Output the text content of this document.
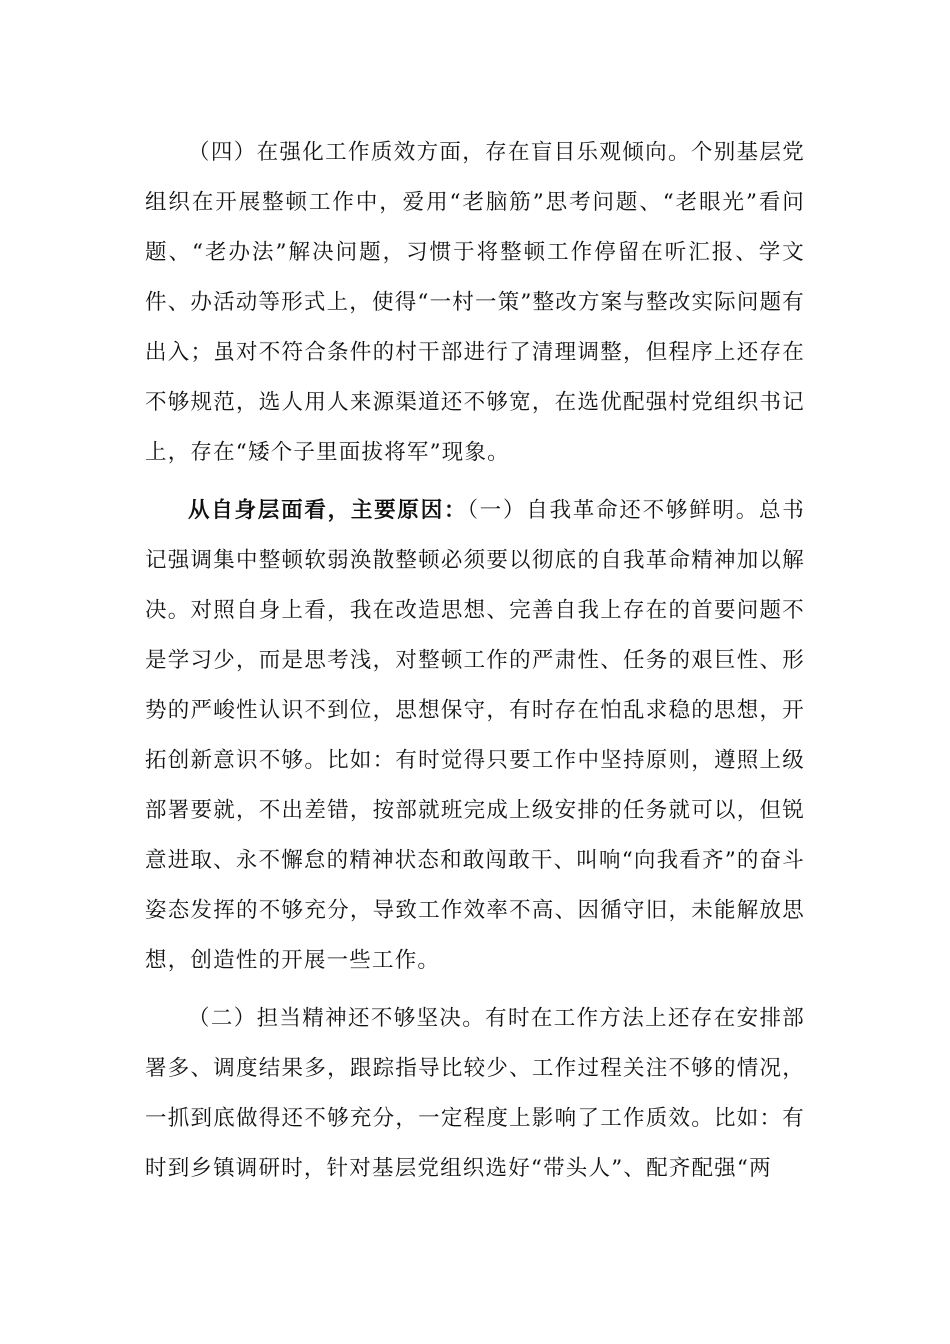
（四）在强化工作质效方面，存在盲目乐观倾向。个别基层党组织在开展整顿工作中，爱用“老脑筋”思考问题、“老眼光”看问题、“老办法”解决问题，习惯于将整顿工作停留在听汇报、学文件、办活动等形式上，使得“一村一策”整改方案与整改实际问题有出入；虽对不符合条件的村干部进行了清理调整，但程序上还存在不够规范，选人用人来源渠道还不够宽，在选优配强村党组织书记上，存在“矮个子里面拔将军”现象。

从自身层面看，主要原因：（一）自我革命还不够鲜明。总书记强调集中整顿软弱涣散整顿必须要以彻底的自我革命精神加以解决。对照自身上看，我在改造思想、完善自我上存在的首要问题不是学习少，而是思考浅，对整顿工作的严肃性、任务的艰巨性、形势的严峻性认识不到位，思想保守，有时存在怕乱求稳的思想，开拓创新意识不够。比如：有时觉得只要工作中坚持原则，遵照上级部署要就，不出差错，按部就班完成上级安排的任务就可以，但锐意进取、永不懈怠的精神状态和敢闯敢干、叫响“向我看齐”的奋斗姿态发挥的不够充分，导致工作效率不高、因循守旧，未能解放思想，创造性的开展一些工作。

（二）担当精神还不够坚决。有时在工作方法上还存在安排部署多、调度结果多，跟踪指导比较少、工作过程关注不够的情况，一抓到底做得还不够充分，一定程度上影响了工作质效。比如：有时到乡镇调研时，针对基层党组织选好“带头人”、配齐配强“两
